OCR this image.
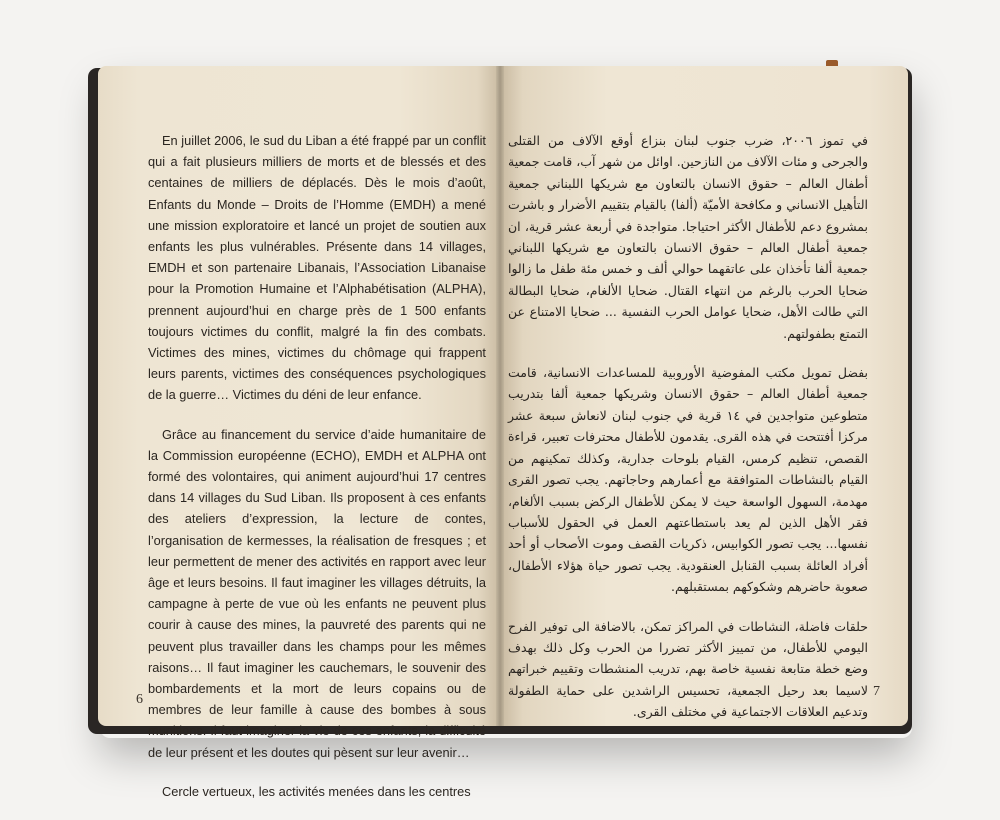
En juillet 2006, le sud du Liban a été frappé par un conflit qui a fait plusieurs milliers de morts et de blessés et des centaines de milliers de déplacés. Dès le mois d’août, Enfants du Monde – Droits de l’Homme (EMDH) a mené une mission exploratoire et lancé un projet de soutien aux enfants les plus vulnérables. Présente dans 14 villages, EMDH et son partenaire Libanais, l’Association Libanaise pour la Promotion Humaine et l’Alphabétisation (ALPHA), prennent aujourd’hui en charge près de 1 500 enfants toujours victimes du conflit, malgré la fin des combats. Victimes des mines, victimes du chômage qui frappent leurs parents, victimes des conséquences psychologiques de la guerre… Victimes du déni de leur enfance.

Grâce au financement du service d’aide humanitaire de la Commission européenne (ECHO), EMDH et ALPHA ont formé des volontaires, qui animent aujourd’hui 17 centres dans 14 villages du Sud Liban. Ils proposent à ces enfants des ateliers d’expression, la lecture de contes, l’organisation de kermesses, la réalisation de fresques ; et leur permettent de mener des activités en rapport avec leur âge et leurs besoins. Il faut imaginer les villages détruits, la campagne à perte de vue où les enfants ne peuvent plus courir à cause des mines, la pauvreté des parents qui ne peuvent plus travailler dans les champs pour les mêmes raisons… Il faut imaginer les cauchemars, le souvenir des bombardements et la mort de leurs copains ou de membres de leur famille à cause des bombes à sous munitions. Il faut imaginer la vie de ces enfants, la difficulté de leur présent et les doutes qui pèsent sur leur avenir…

Cercle vertueux, les activités menées dans les centres

في تموز ٢٠٠٦، ضرب جنوب لبنان بنزاع أوقع الآلاف من القتلى والجرحى و مئات الآلاف من النازحين. اوائل من شهر آب، قامت جمعية أطفال العالم – حقوق الانسان بالتعاون مع شريكها اللبناني جمعية التأهيل الانساني و مكافحة الأميّة (ألفا) بالقيام بتقييم الأضرار و باشرت بمشروع دعم للأطفال الأكثر احتياجا. متواجدة في أربعة عشر قرية، ان جمعية أطفال العالم – حقوق الانسان بالتعاون مع شريكها اللبناني جمعية ألفا تأخذان على عاتقهما حوالي ألف و خمس مئة طفل ما زالوا ضحايا الحرب بالرغم من انتهاء القتال. ضحايا الألغام، ضحايا البطالة التي طالت الأهل، ضحايا عوامل الحرب النفسية ... ضحايا الامتناع عن التمتع بطفولتهم.

بفضل تمويل مكتب المفوضية الأوروبية للمساعدات الانسانية، قامت جمعية أطفال العالم – حقوق الانسان وشريكها جمعية ألفا بتدريب متطوعين متواجدين في ١٤ قرية في جنوب لبنان لانعاش سبعة عشر مركزا أفتتحت في هذه القرى. يقدمون للأطفال محترفات تعبير، قراءة القصص، تنظيم كرمس، القيام بلوحات جدارية، وكذلك تمكينهم من القيام بالنشاطات المتوافقة مع أعمارهم وحاجاتهم. يجب تصور القرى مهدمة، السهول الواسعة حيث لا يمكن للأطفال الركض بسبب الألغام، فقر الأهل الذين لم يعد باستطاعتهم العمل في الحقول للأسباب نفسها... يجب تصور الكوابيس، ذكريات القصف وموت الأصحاب أو أحد أفراد العائلة بسبب القنابل العنقودية. يجب تصور حياة هؤلاء الأطفال، صعوبة حاضرهم وشكوكهم بمستقبلهم.

حلقات فاضلة، النشاطات في المراكز تمكن، بالاضافة الى توفير الفرح اليومي للأطفال، من تمييز الأكثر تضررا من الحرب وكل ذلك بهدف وضع خطة متابعة نفسية خاصة بهم، تدريب المنشطات وتقييم خبراتهم لاسيما بعد رحيل الجمعية، تحسيس الراشدين على حماية الطفولة وتدعيم العلاقات الاجتماعية في مختلف القرى.

6
7
